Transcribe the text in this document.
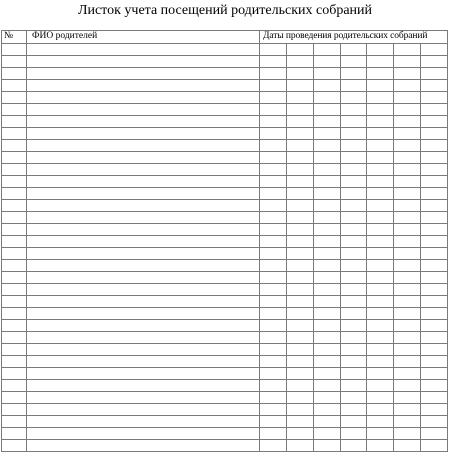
Листок учета посещений родительских собраний
№	ФИО родителей	Даты проведения родительских собраний						
